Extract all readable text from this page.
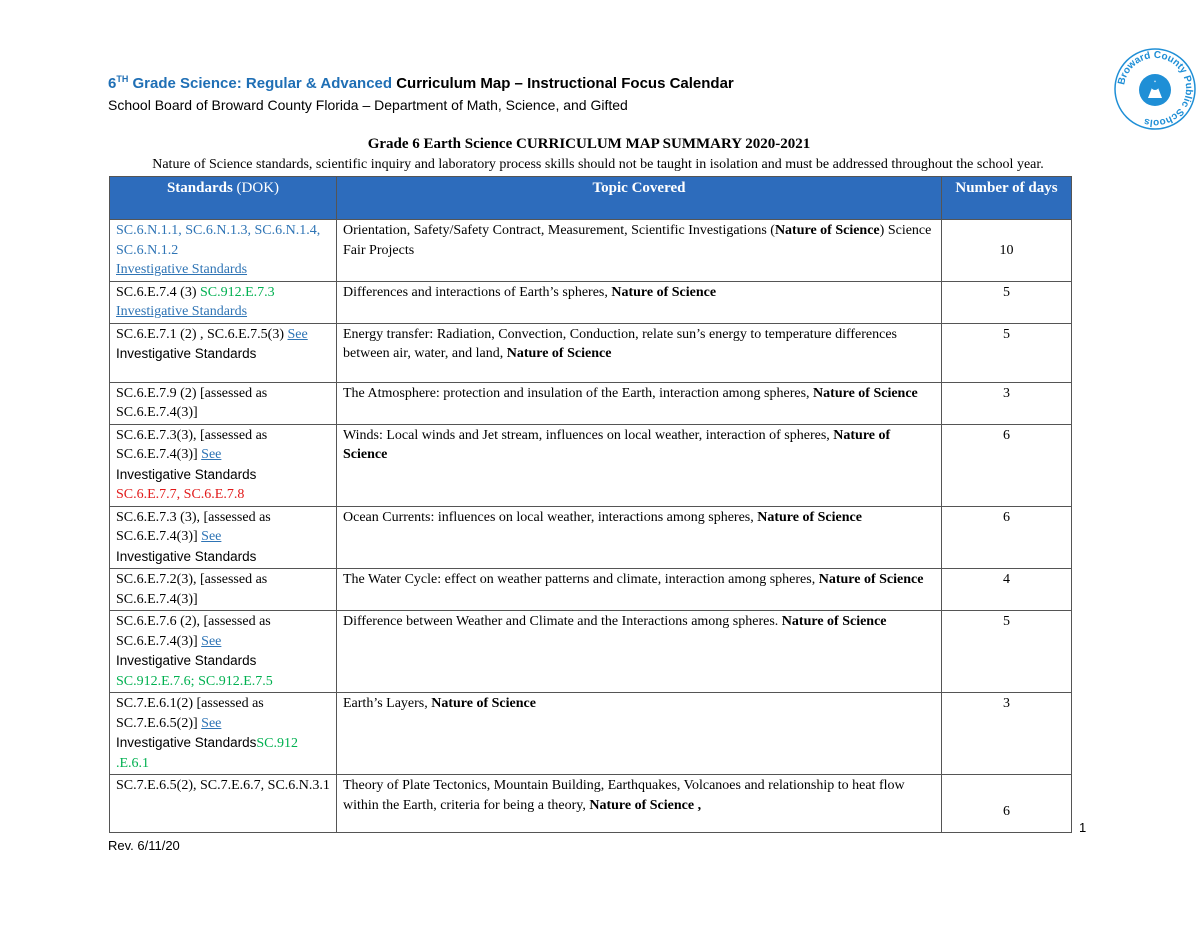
6TH Grade Science: Regular & Advanced Curriculum Map – Instructional Focus Calendar
School Board of Broward County Florida – Department of Math, Science, and Gifted
Broward County Public Schools
Grade 6 Earth Science CURRICULUM MAP SUMMARY 2020-2021
Nature of Science standards, scientific inquiry and laboratory process skills should not be taught in isolation and must be addressed throughout the school year.
Standards (DOK)	Topic Covered	Number of days
SC.6.N.1.1, SC.6.N.1.3, SC.6.N.1.4, SC.6.N.1.2
Investigative Standards	Orientation, Safety/Safety Contract, Measurement, Scientific Investigations (Nature of Science) Science Fair Projects	10
SC.6.E.7.4 (3) SC.912.E.7.3
Investigative Standards	Differences and interactions of Earth’s spheres, Nature of Science	5
SC.6.E.7.1 (2) , SC.6.E.7.5(3) See
Investigative Standards	Energy transfer: Radiation, Convection, Conduction, relate sun’s energy to temperature differences between air, water, and land, Nature of Science	5
SC.6.E.7.9 (2) [assessed as SC.6.E.7.4(3)]	The Atmosphere: protection and insulation of the Earth, interaction among spheres, Nature of Science	3
SC.6.E.7.3(3), [assessed as SC.6.E.7.4(3)] See
Investigative Standards
SC.6.E.7.7, SC.6.E.7.8	Winds: Local winds and Jet stream, influences on local weather, interaction of spheres, Nature of Science	6
SC.6.E.7.3 (3), [assessed as SC.6.E.7.4(3)] See
Investigative Standards	Ocean Currents: influences on local weather, interactions among spheres, Nature of Science	6
SC.6.E.7.2(3), [assessed as SC.6.E.7.4(3)]	The Water Cycle: effect on weather patterns and climate, interaction among spheres, Nature of Science	4
SC.6.E.7.6 (2), [assessed as SC.6.E.7.4(3)] See
Investigative Standards
SC.912.E.7.6; SC.912.E.7.5	Difference between Weather and Climate and the Interactions among spheres. Nature of Science	5
SC.7.E.6.1(2) [assessed as SC.7.E.6.5(2)] See
Investigative StandardsSC.912 .E.6.1	Earth’s Layers, Nature of Science	3
SC.7.E.6.5(2), SC.7.E.6.7, SC.6.N.3.1	Theory of Plate Tectonics, Mountain Building, Earthquakes, Volcanoes and relationship to heat flow within the Earth, criteria for being a theory, Nature of Science ,	6
1
Rev. 6/11/20
